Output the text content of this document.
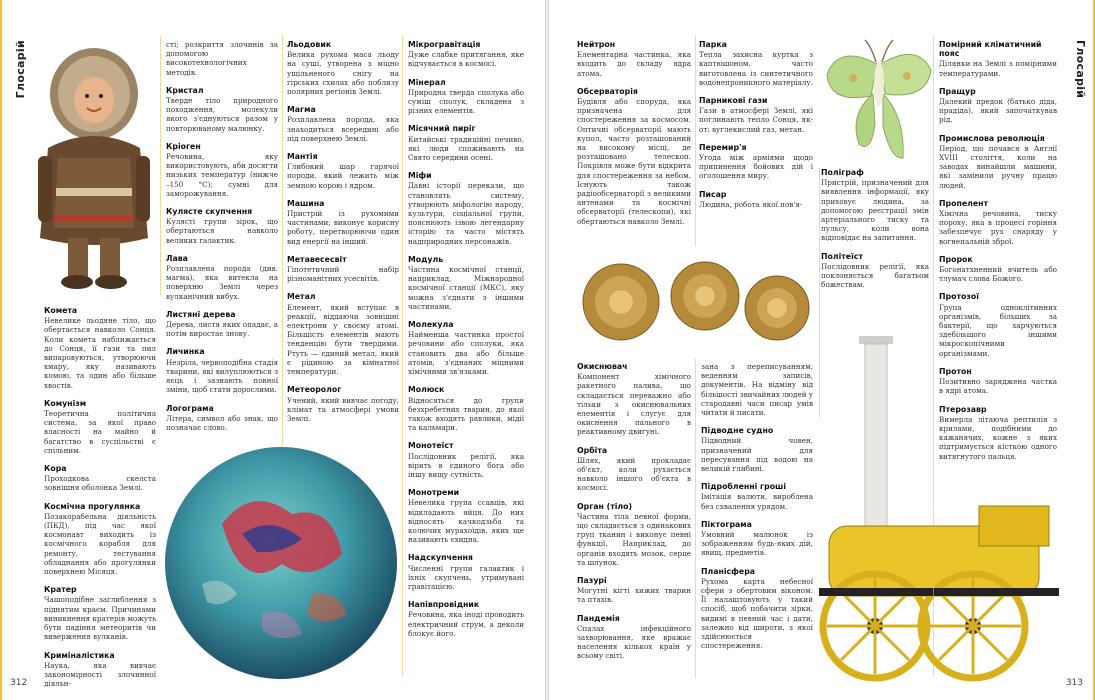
Глосарій
Комета
Невелике льодяне тіло, що обертається навколо Сонця. Коли комета наближається до Сонця, її гази та пил випаровуються, утворюючи хмару, яку називають комою, та один або більше хвостів.
Комунізм
Теоретична політична система, за якої право власності на майно й багатство в суспільстві є спільним.
Кора
Проходкова скелста зовнішня оболонка Землі.
Космічна прогулянка
Позакорабельна діяльність (ПКД), під час якої космонавт виходить із космічного корабля для ремонту, тестування обладнання або прогулянки поверхнею Місяця.
Кратер
Чашоподібне заглиблення з піднятим краєм. Причинами виникнення кратерів можуть бути падіння метеоритів чи виверження вулканів.
Криміналістика
Наука, яка вивчає закономірності злочинної діяльн-
сті; розкриття злочинів за допомогою високотехнологічних методів.
Кристал
Тверде тіло природного походження, молекули якого з'єднуються разом у повторюваному малюнку.
Кріоген
Речовина, яку використовують, аби досягти низьких температур (нижче –150 °C); сумні для заморожування.
Кулясте скупчення
Кулясті групи зірок, що обертаються навколо великих галактик.
Лава
Розплавлена порода (див. магма), яка витекла на поверхню Землі через вулканічний вибух.
Листяні дерева
Дерева, листя яких опадає, а потім виростає знову.
Личинка
Незріла, червоподібна стадія тварини, які вилуплюються з яєць і зазнають повної зміни, щоб стати дорослими.
Логограма
Літера, символ або знак, що позначає слово.
Льодовик
Велика рухома маса льоду на суші, утворена з міцно ущільненого снігу на гірських схилах або поблизу полярних регіонів Землі.
Магма
Розплавлена порода, яка знаходиться всередині або під поверхнею Землі.
Мантія
Глибокий шар гарячої породи, який лежить між земною корою і ядром.
Машина
Пристрій із рухомими частинами; виконує корисну роботу, перетворюючи один вид енергії на інший.
Метавесесвіт
Гіпотетичний набір різноманітних усесвітів.
Метал
Елемент, який вступає в реакції, віддаючи зовнішні електрони у своєму атомі. Більшість елементів мають тенденцію бути твердими. Ртуть — єдиний метал, який є рідиною за кімнатної температури.
Метеоролог
Учений, який вивчає погоду, клімат та атмосфері умови Землі.
Мікрогравітація
Дуже слабке притягання, яке відчувається в космосі.
Мінерал
Природна тверда сполука або суміш сполук, складена з різних елементів.
Місячний пиріг
Китайські традиційні печиво, які люди споживають на Свято середини осені.
Міфи
Давні історії перекази, що становлять систему, утворюють міфологію народу, культури, соціальної групи, пояснюють ізвою легендарну історію та часто містять надприродних персонажів.
Модуль
Частина космічної станції, наприклад, Міжнародної космічної станції (МКС), яку можна з'єднати з іншими частинами.
Молекула
Найменша частинка простої речовини або сполуки, яка становить два або більше атомів, з'єднаних міцними хімічними зв'язками.
Молюск
Відносяться до групи безхребетних тварин, до якої також входять равлики, мідії та кальмари.
Монотеїст
Послідовник релігії, яка вірить в єдиного бога або іншу вищу сутність.
Монотреми
Невелика група ссавців, які відкладають яйця. До них відносять качкодзьба та колючих мурахоїдів, яких ще називають єхидна.
Надскупчення
Численні групи галактик і їхніх скупчень, утримувані гравітацією.
Напівпровідник
Речовина, яка іноді проводить електричний струм, а деколи блокує його.
312
Глосарій
Нейтрон
Елементарна частинка, яка входить до складу ядра атома.
Обсерваторія
Будівля або споруда, яка призначена для спостереження за космосом. Оптичні обсерваторії мають купол, часто розташований на високому місці, де розташовано телескоп. Покрівля може бути відкрита для спостереження за небом. Існують також радіообсерваторії з великими антенами та космічні обсерваторії (телескопи), які обертаються навколо Землі.
Парка
Тепла захисна куртка з каптюшоном, часто виготовлена із синтетичного водонепроникного матеріалу.
Парникові гази
Гази в атмосфері Землі, які поглинають тепло Сонця, як-от: вуглекислий газ, метан.
Перемир'я
Угода між арміями щодо припинення бойових дій і оголошення миру.
Писар
Людина, робота якої пов'я-
Поліграф
Пристрій, призначений для виявлення інформації, яку приховує людина, за допомогою реєстрації змін артеріального тиску та пульсу, коли вона відповідає на запитання.
Політеїст
Послідовник релігії, яка поклоняється багатьом божествам.
Помірний кліматичний пояс
Ділянки на Землі з помірними температурами.
Пращур
Далекий предок (батько діда, прадіда), який започаткував рід.
Промислова революція
Період, що почався в Англії XVIII століття, коли на заводах винайшли машини, які замінили ручну працю людей.
Пропелент
Хімічна речовина, тиску пороху, яка в процесі горіння забезпечує рух снаряду у вогнепальній зброї.
Пророк
Богонатхненний вчитель або тлумач слова Божого.
Протозої
Група одноклітинних організмів, більших за бактерії, що харчуються здебільшого іншими мікроскопічними організмами.
Протон
Позитивно заряджена частка в ядрі атома.
Птерозавр
Вимерла літаюча рептилія з крилами, подібними до кажанячих, кожне з яких підтримується кісткою одного витягнутого пальця.
Окиснювач
Компонент хімічного ракетного палива, що складається переважно або тільки з окиснювальних елементів і слугує для окиснення пального в реактивному двигуні.
Орбіта
Шлях, який прокладає об'єкт, коли рухається навколо іншого об'єкта в космосі.
Орган (тіло)
Частина тіла певної форми, що складається з одинакових груп тканин і виконує певні функції. Наприклад, до органів входять мозок, серце та шлунок.
Пазурі
Могутні кігті хижих тварин та птахів.
Пандемія
Спалах інфекційного захворювання, яке вражає населення кількох країн у всьому світі.
зана з переписуванням, веденням записів, документів. На відміну від більшості звичайних людей у стародавні часи писар умів читати й писати.
Підводне судно
Підводний човен, призначений для пересування під водою на великій глибині.
Підробленні гроші
Імітація валюти, вироблена без схвалення урядом.
Піктограма
Умовний малюнок із зображенням будь-яких дій, явищ, предметів.
Планісфера
Рухома карта небесної сфери з обертовим віконом. Її налаштовують у такий спосіб, щоб побачити зірки, видимі в певний час і дати, залежно від широти, з якої здійснюється спостереження.
313
